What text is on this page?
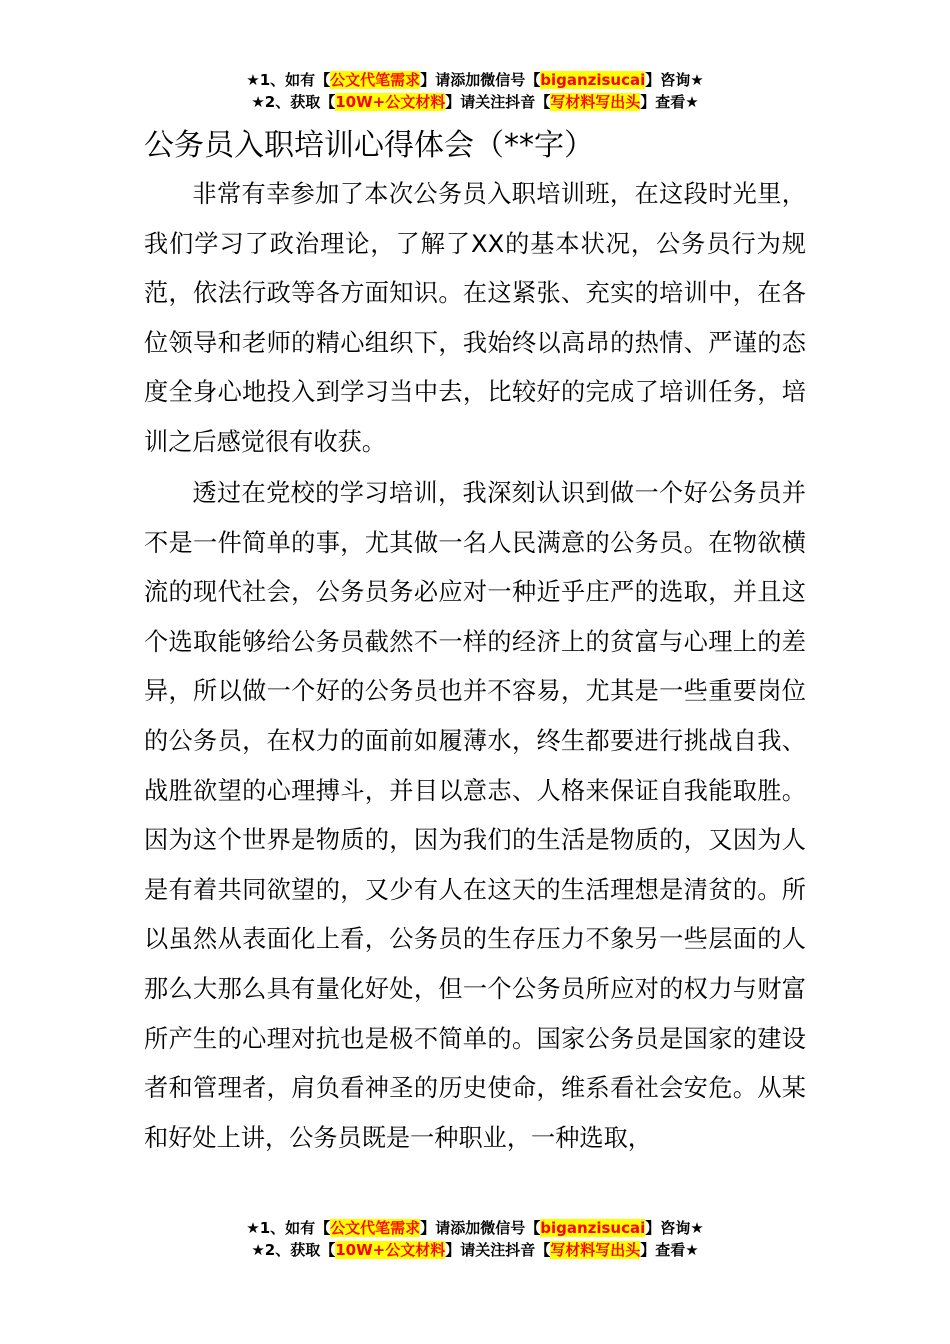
★1、如有【公文代笔需求】请添加微信号【biganzisucai】咨询★
★2、获取【10W+公文材料】请关注抖音【写材料写出头】查看★
公务员入职培训心得体会（**字）

非常有幸参加了本次公务员入职培训班，在这段时光里，我们学习了政治理论，了解了XX的基本状况，公务员行为规范，依法行政等各方面知识。在这紧张、充实的培训中，在各位领导和老师的精心组织下，我始终以高昂的热情、严谨的态度全身心地投入到学习当中去，比较好的完成了培训任务，培训之后感觉很有收获。

透过在党校的学习培训，我深刻认识到做一个好公务员并不是一件简单的事，尤其做一名人民满意的公务员。在物欲横流的现代社会，公务员务必应对一种近乎庄严的选取，并且这个选取能够给公务员截然不一样的经济上的贫富与心理上的差异，所以做一个好的公务员也并不容易，尤其是一些重要岗位的公务员，在权力的面前如履薄水，终生都要进行挑战自我、战胜欲望的心理搏斗，并目以意志、人格来保证自我能取胜。因为这个世界是物质的，因为我们的生活是物质的，又因为人是有着共同欲望的，又少有人在这天的生活理想是清贫的。所以虽然从表面化上看，公务员的生存压力不象另一些层面的人那么大那么具有量化好处，但一个公务员所应对的权力与财富所产生的心理对抗也是极不简单的。国家公务员是国家的建设者和管理者，肩负看神圣的历史使命，维系看社会安危。从某和好处上讲，公务员既是一种职业，一种选取，

★1、如有【公文代笔需求】请添加微信号【biganzisucai】咨询★
★2、获取【10W+公文材料】请关注抖音【写材料写出头】查看★
